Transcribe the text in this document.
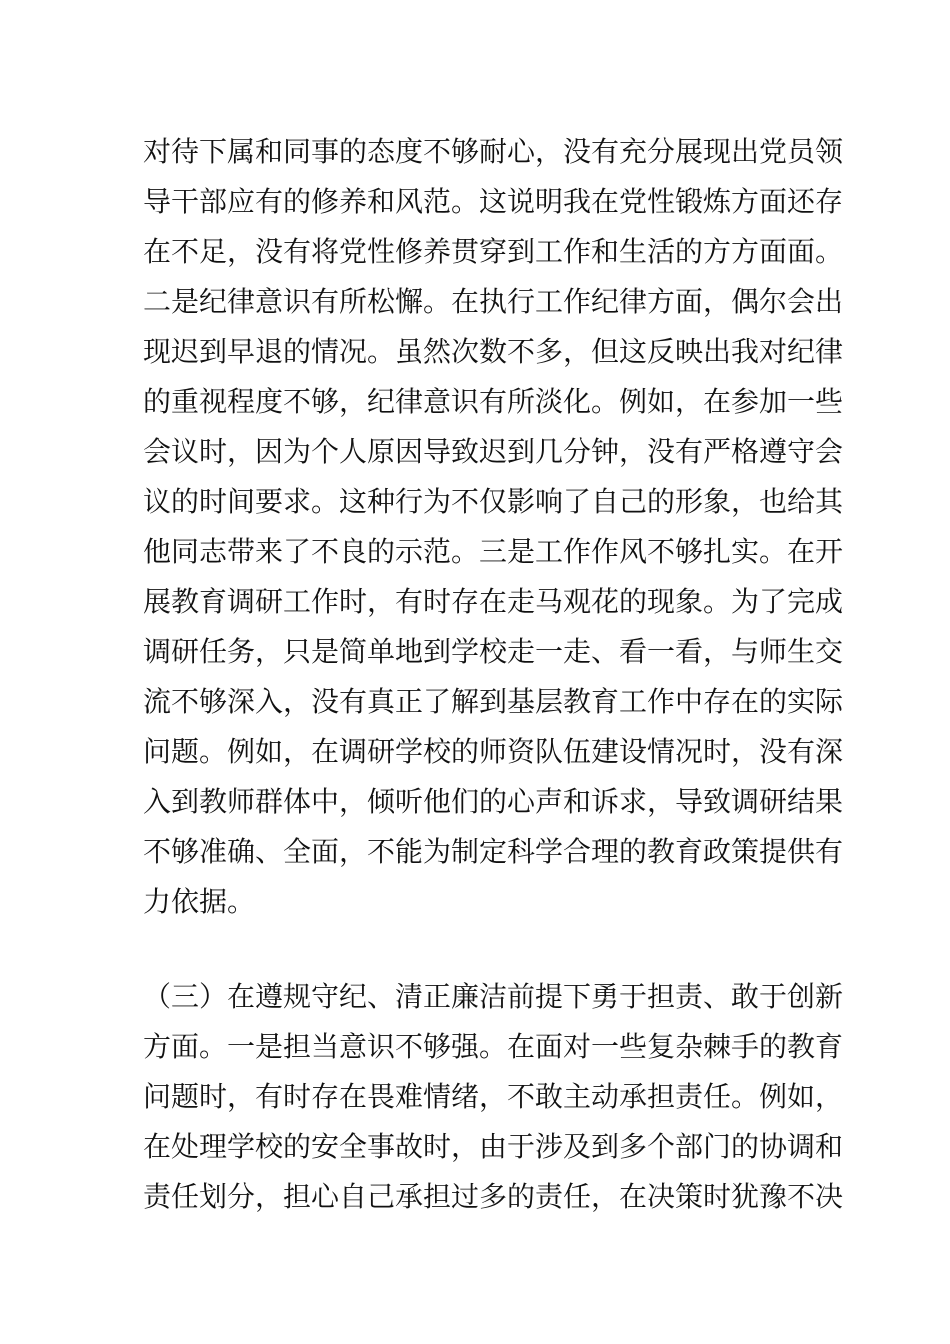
对待下属和同事的态度不够耐心，没有充分展现出党员领
导干部应有的修养和风范。这说明我在党性锻炼方面还存
在不足，没有将党性修养贯穿到工作和生活的方方面面。
二是纪律意识有所松懈。在执行工作纪律方面，偶尔会出
现迟到早退的情况。虽然次数不多，但这反映出我对纪律
的重视程度不够，纪律意识有所淡化。例如，在参加一些
会议时，因为个人原因导致迟到几分钟，没有严格遵守会
议的时间要求。这种行为不仅影响了自己的形象，也给其
他同志带来了不良的示范。三是工作作风不够扎实。在开
展教育调研工作时，有时存在走马观花的现象。为了完成
调研任务，只是简单地到学校走一走、看一看，与师生交
流不够深入，没有真正了解到基层教育工作中存在的实际
问题。例如，在调研学校的师资队伍建设情况时，没有深
入到教师群体中，倾听他们的心声和诉求，导致调研结果
不够准确、全面，不能为制定科学合理的教育政策提供有
力依据。
（三）在遵规守纪、清正廉洁前提下勇于担责、敢于创新
方面。一是担当意识不够强。在面对一些复杂棘手的教育
问题时，有时存在畏难情绪，不敢主动承担责任。例如，
在处理学校的安全事故时，由于涉及到多个部门的协调和
责任划分，担心自己承担过多的责任，在决策时犹豫不决
